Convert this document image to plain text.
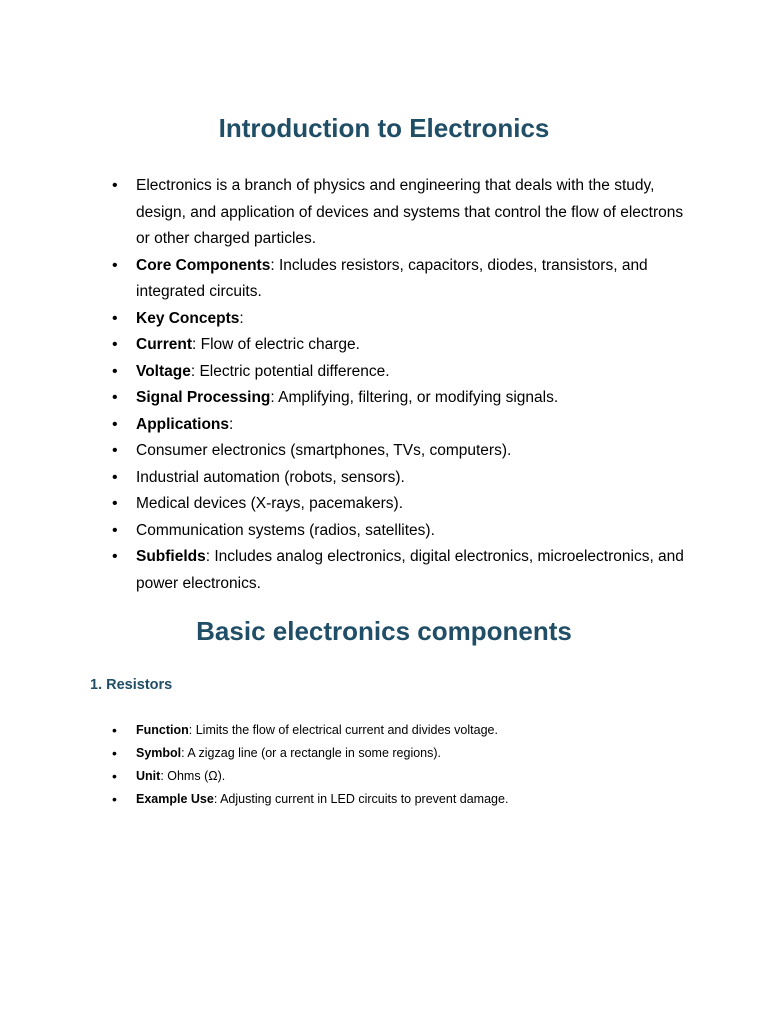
Introduction to Electronics
• Electronics is a branch of physics and engineering that deals with the study, design, and application of devices and systems that control the flow of electrons or other charged particles.
• Core Components: Includes resistors, capacitors, diodes, transistors, and integrated circuits.
• Key Concepts:
• Current: Flow of electric charge.
• Voltage: Electric potential difference.
• Signal Processing: Amplifying, filtering, or modifying signals.
• Applications:
• Consumer electronics (smartphones, TVs, computers).
• Industrial automation (robots, sensors).
• Medical devices (X-rays, pacemakers).
• Communication systems (radios, satellites).
• Subfields: Includes analog electronics, digital electronics, microelectronics, and power electronics.
Basic electronics components
1. Resistors
• Function: Limits the flow of electrical current and divides voltage.
• Symbol: A zigzag line (or a rectangle in some regions).
• Unit: Ohms (Ω).
• Example Use: Adjusting current in LED circuits to prevent damage.
